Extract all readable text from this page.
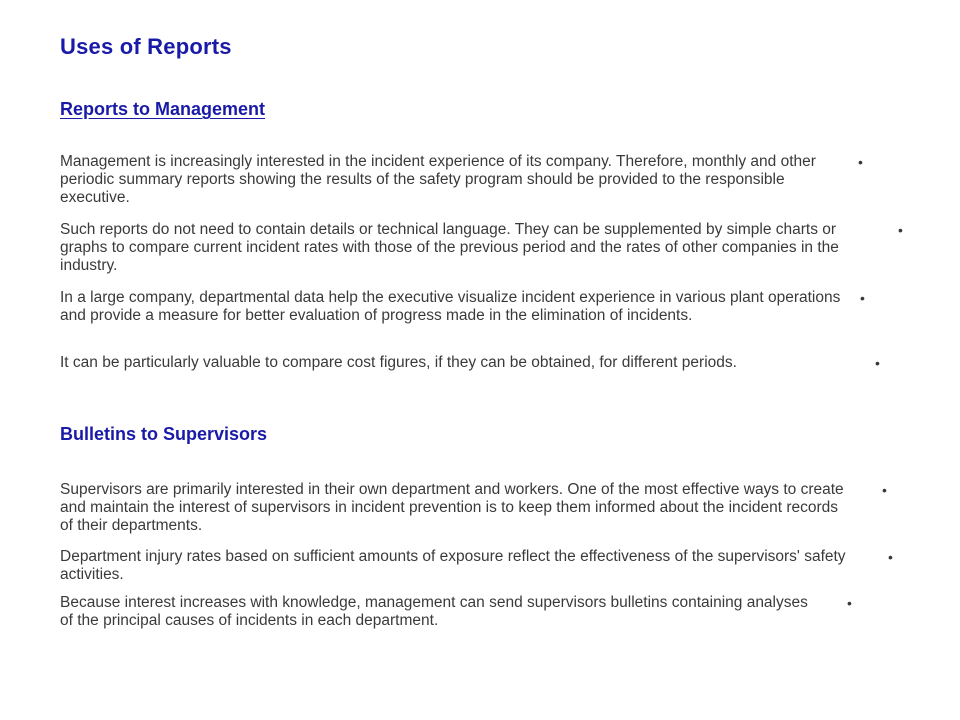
Uses of Reports
Reports to Management

Management is increasingly interested in the incident experience of its company. Therefore, monthly and other periodic summary reports showing the results of the safety program should be provided to the responsible executive.
•

Such reports do not need to contain details or technical language. They can be supplemented by simple charts or graphs to compare current incident rates with those of the previous period and the rates of other companies in the industry.
•

In a large company, departmental data help the executive visualize incident experience in various plant operations and provide a measure for better evaluation of progress made in the elimination of incidents.
•

It can be particularly valuable to compare cost figures, if they can be obtained, for different periods.	•

Bulletins to Supervisors

Supervisors are primarily interested in their own department and workers. One of the most effective ways to create and maintain the interest of supervisors in incident prevention is to keep them informed about the incident records of their departments.
•

Department injury rates based on sufficient amounts of exposure reflect the effectiveness of the supervisors' safety activities.
•

Because interest increases with knowledge, management can send supervisors bulletins containing analyses of the principal causes of incidents in each department.
•
